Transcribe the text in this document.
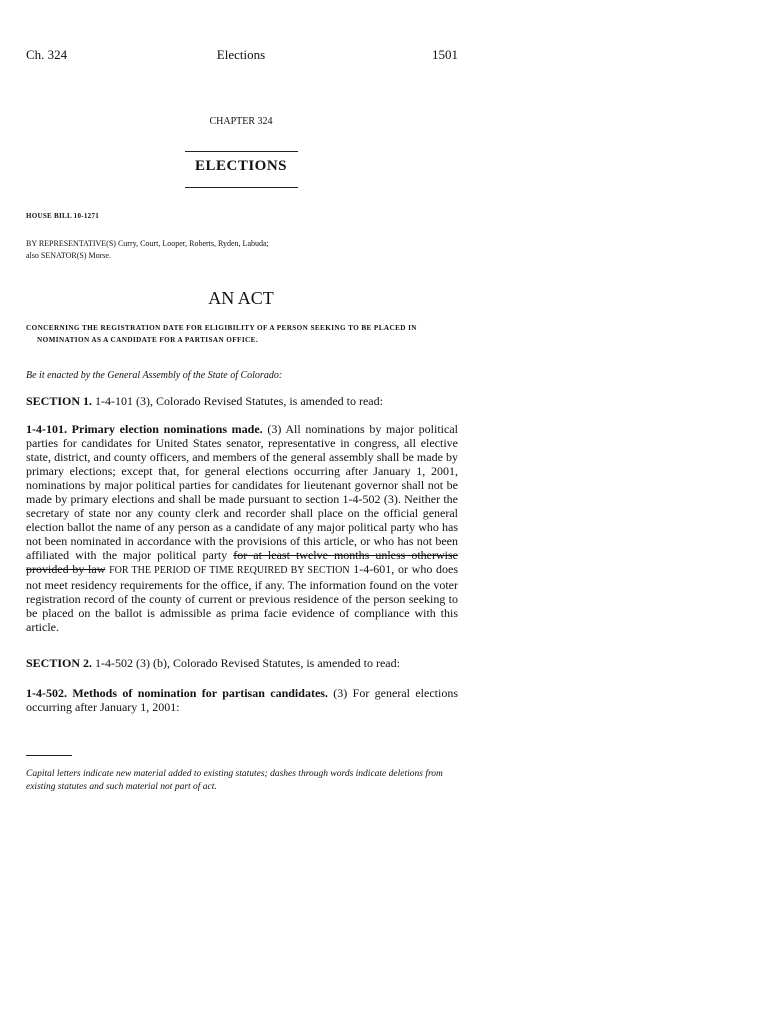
Ch. 324	Elections	1501
CHAPTER 324
ELECTIONS
HOUSE BILL 10-1271
BY REPRESENTATIVE(S) Curry, Court, Looper, Roberts, Ryden, Labuda;
also SENATOR(S) Morse.
AN ACT
CONCERNING THE REGISTRATION DATE FOR ELIGIBILITY OF A PERSON SEEKING TO BE PLACED IN
NOMINATION AS A CANDIDATE FOR A PARTISAN OFFICE.
Be it enacted by the General Assembly of the State of Colorado:
SECTION 1. 1-4-101 (3), Colorado Revised Statutes, is amended to read:
1-4-101. Primary election nominations made. (3) All nominations by major political parties for candidates for United States senator, representative in congress, all elective state, district, and county officers, and members of the general assembly shall be made by primary elections; except that, for general elections occurring after January 1, 2001, nominations by major political parties for candidates for lieutenant governor shall not be made by primary elections and shall be made pursuant to section 1-4-502 (3). Neither the secretary of state nor any county clerk and recorder shall place on the official general election ballot the name of any person as a candidate of any major political party who has not been nominated in accordance with the provisions of this article, or who has not been affiliated with the major political party for at least twelve months unless otherwise provided by law FOR THE PERIOD OF TIME REQUIRED BY SECTION 1-4-601, or who does not meet residency requirements for the office, if any. The information found on the voter registration record of the county of current or previous residence of the person seeking to be placed on the ballot is admissible as prima facie evidence of compliance with this article.
SECTION 2. 1-4-502 (3) (b), Colorado Revised Statutes, is amended to read:
1-4-502. Methods of nomination for partisan candidates. (3) For general elections occurring after January 1, 2001:
Capital letters indicate new material added to existing statutes; dashes through words indicate deletions from existing statutes and such material not part of act.
